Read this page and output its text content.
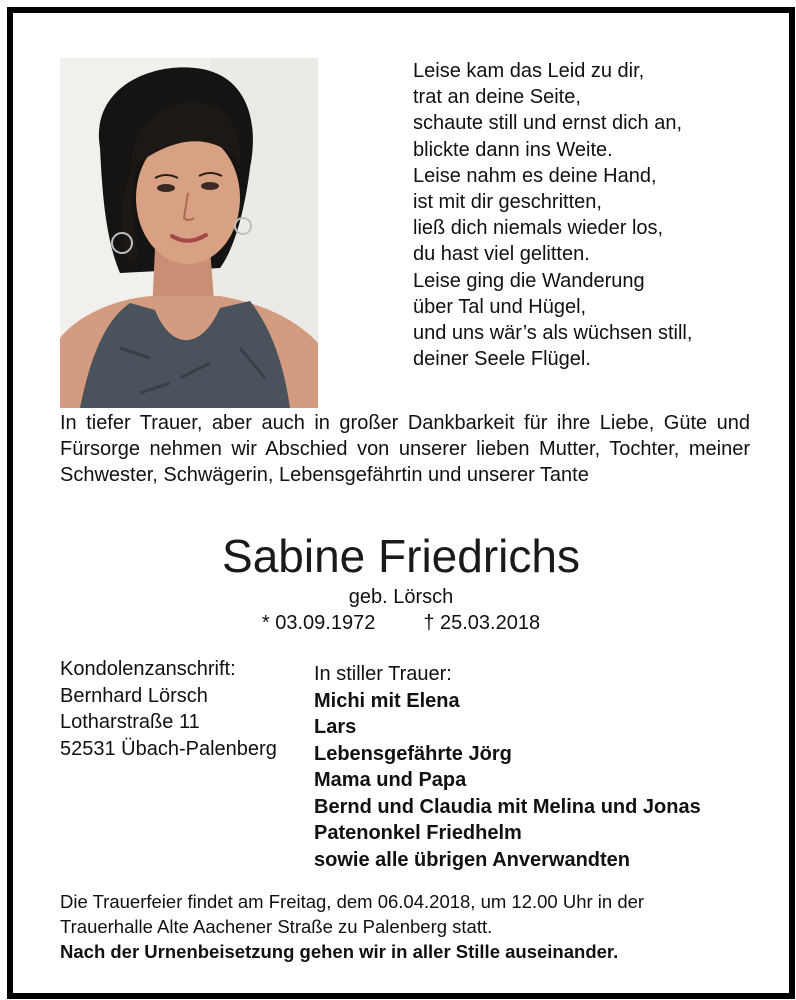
Leise kam das Leid zu dir,
trat an deine Seite,
schaute still und ernst dich an,
blickte dann ins Weite.
Leise nahm es deine Hand,
ist mit dir geschritten,
ließ dich niemals wieder los,
du hast viel gelitten.
Leise ging die Wanderung
über Tal und Hügel,
und uns wär’s als wüchsen still,
deiner Seele Flügel.
In tiefer Trauer, aber auch in großer Dankbarkeit für ihre Liebe, Güte und Fürsorge nehmen wir Abschied von unserer lieben Mutter, Tochter, meiner Schwester, Schwägerin, Lebensgefährtin und unserer Tante
Sabine Friedrichs
geb. Lörsch
* 03.09.1972 † 25.03.2018
Kondolenzanschrift:
Bernhard Lörsch
Lotharstraße 11
52531 Übach-Palenberg
In stiller Trauer:
Michi mit Elena
Lars
Lebensgefährte Jörg
Mama und Papa
Bernd und Claudia mit Melina und Jonas
Patenonkel Friedhelm
sowie alle übrigen Anverwandten
Die Trauerfeier findet am Freitag, dem 06.04.2018, um 12.00 Uhr in der
Trauerhalle Alte Aachener Straße zu Palenberg statt.
Nach der Urnenbeisetzung gehen wir in aller Stille auseinander.
